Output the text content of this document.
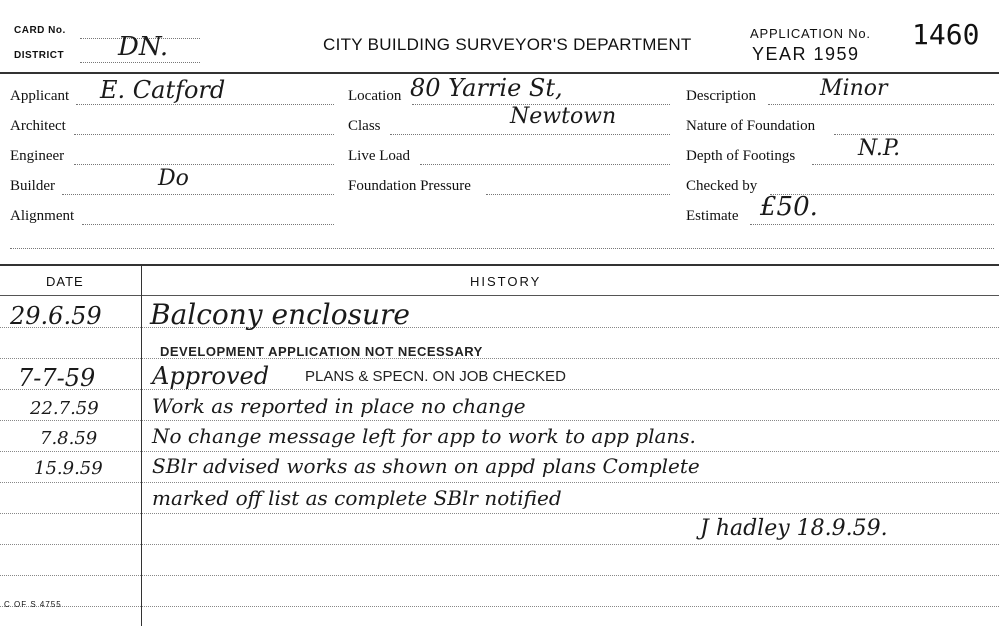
CARD No.
DISTRICT DN.	CITY BUILDING SURVEYOR'S DEPARTMENT
APPLICATION No. 1460
YEAR 1959
Applicant E. Catford
Architect
Engineer
Builder	Do
Alignment
Location 80 Yarrie St,
Class	Newtown
Live Load
Foundation Pressure
Description	Minor
Nature of Foundation
Depth of Footings	N.P.
Checked by
Estimate £50.
DATE	HISTORY
29.6.59 Balcony enclosure
DEVELOPMENT APPLICATION NOT NECESSARY
7-7-59 Approved PLANS & SPECN. ON JOB CHECKED
22.7.59	Work as reported in place no change
7.8.59	No change message left for app to work to app plans.
15.9.59 SBlr advised works as shown on appd plans Complete
marked off list as complete SBlr notified
J hadley 18.9.59.
C OF S 4755
